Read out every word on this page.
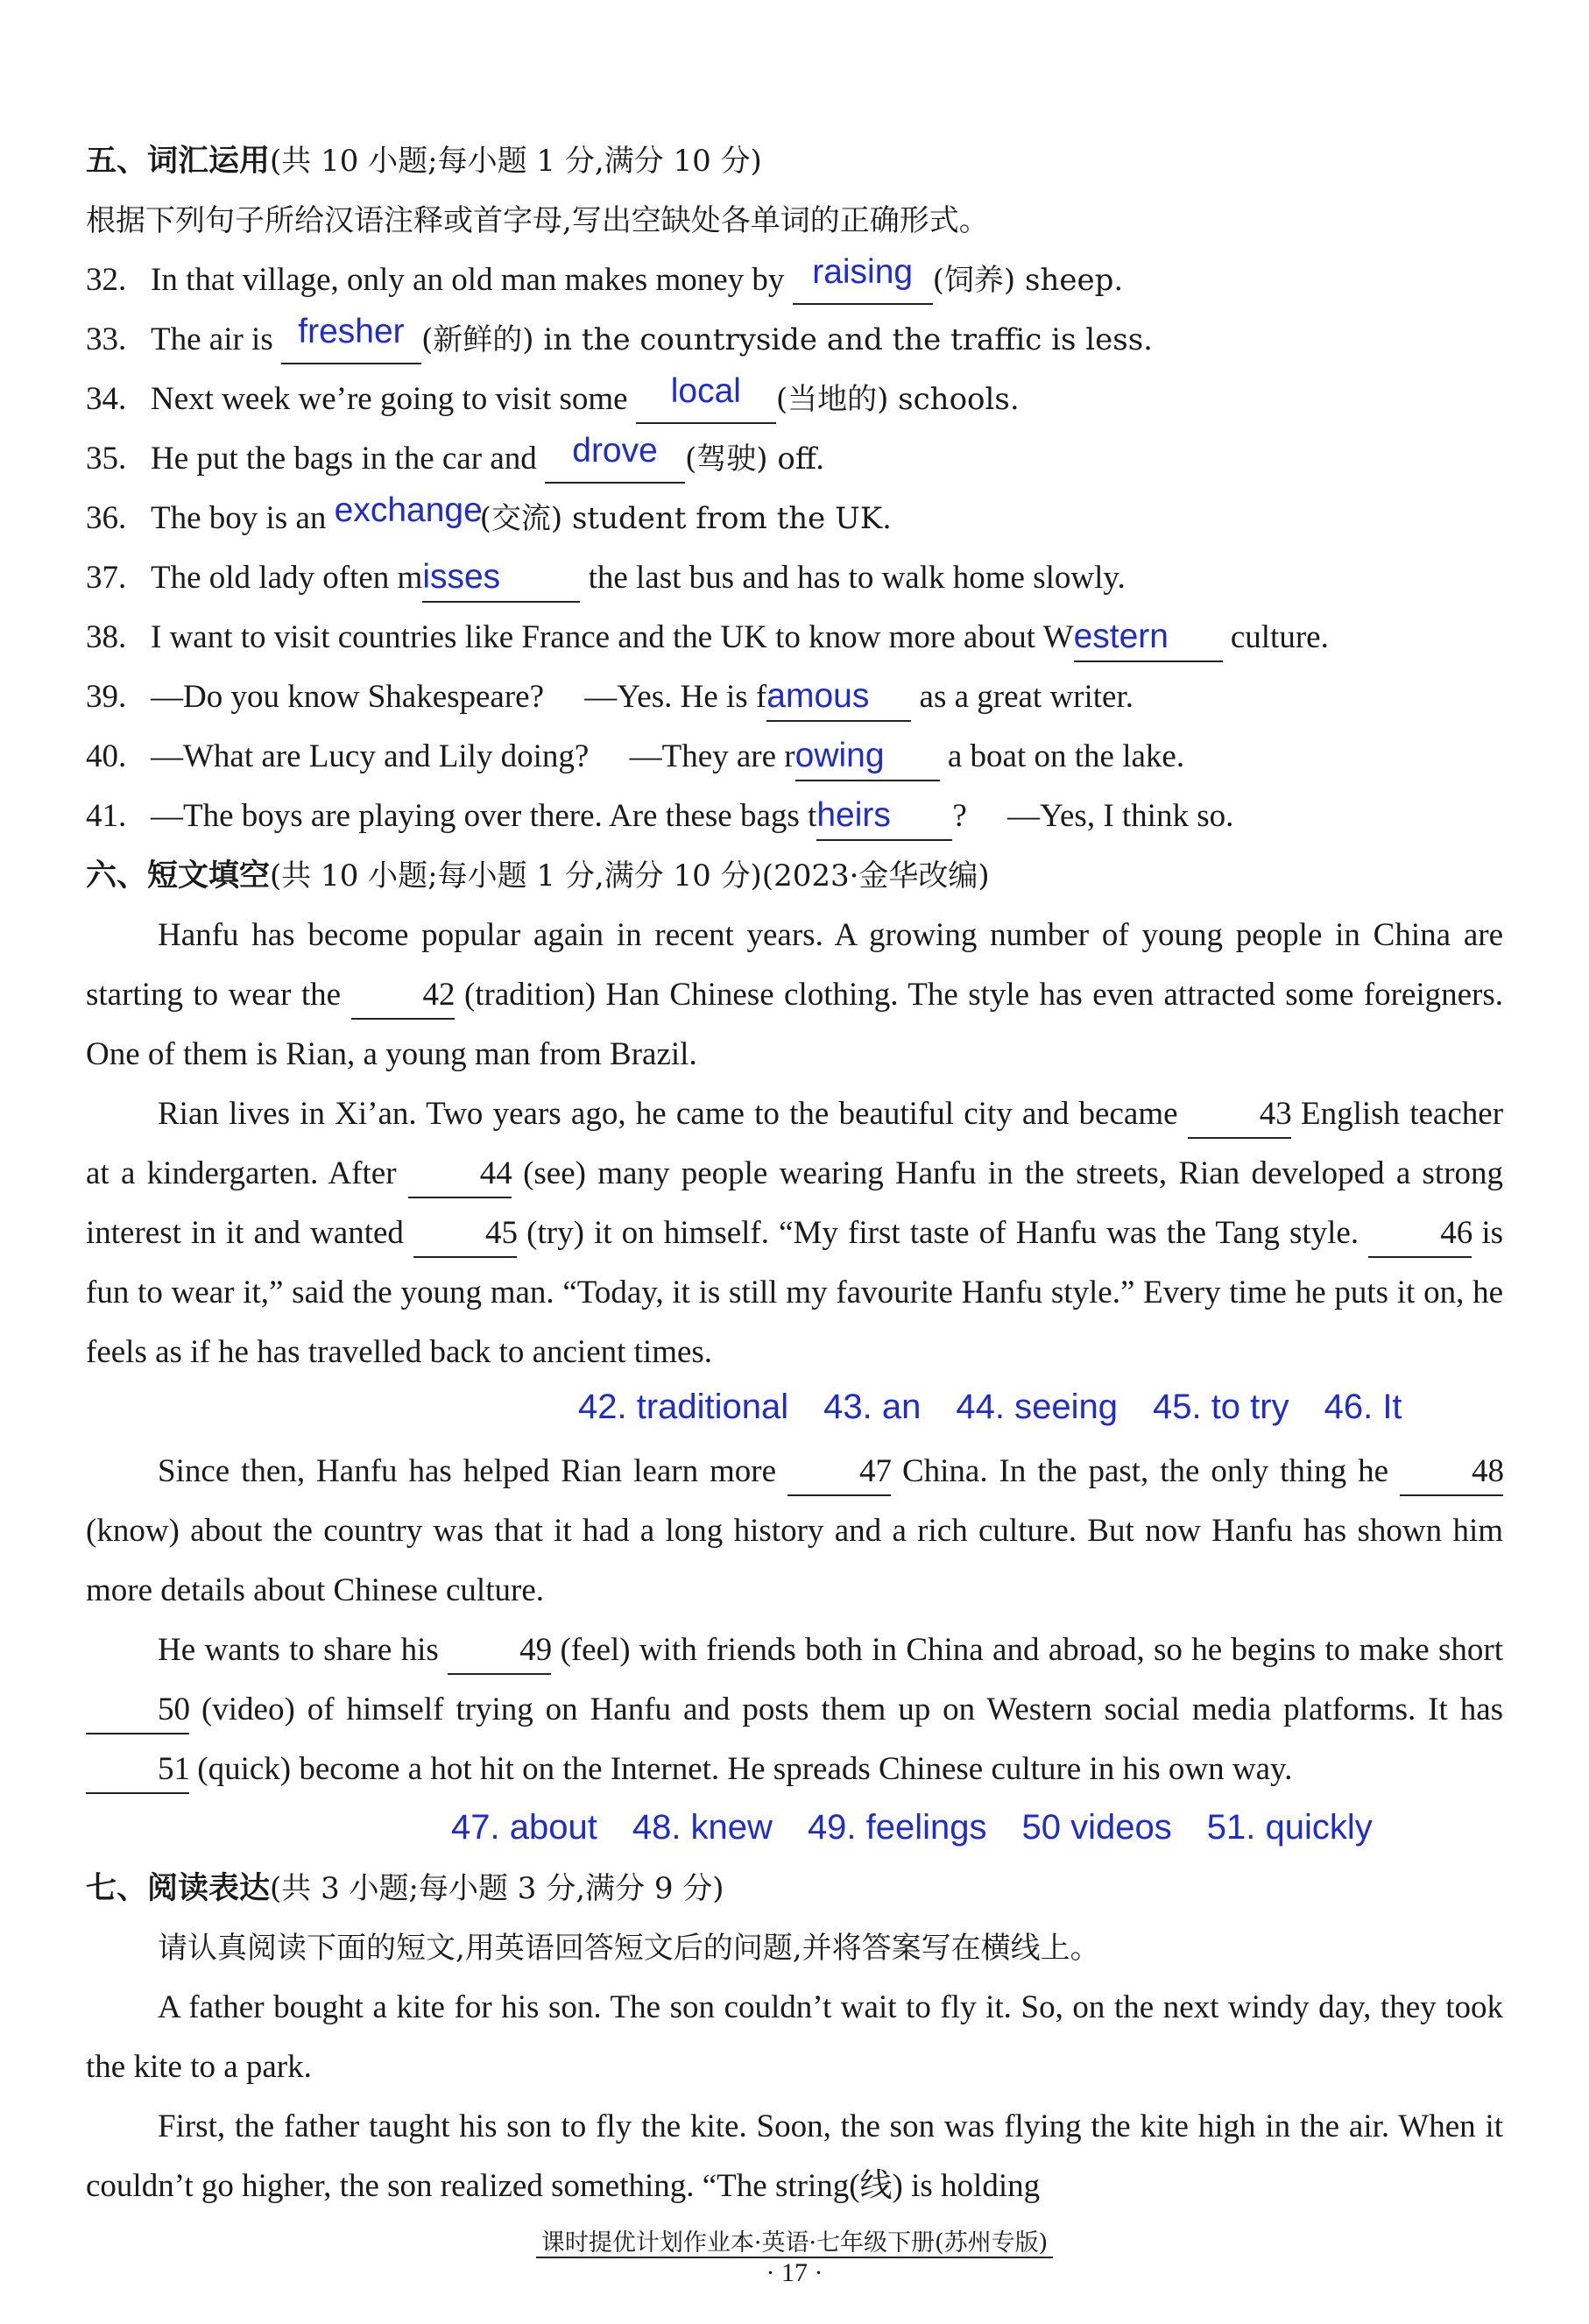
五、词汇运用(共 10 小题;每小题 1 分,满分 10 分)
根据下列句子所给汉语注释或首字母,写出空缺处各单词的正确形式。
32. In that village, only an old man makes money by raising (饲养) sheep.
33. The air is fresher (新鲜的) in the countryside and the traffic is less.
34. Next week we’re going to visit some local (当地的) schools.
35. He put the bags in the car and drove (驾驶) off.
36. The boy is an exchange(交流) student from the UK.
37. The old lady often misses	the last bus and has to walk home slowly.
38. I want to visit countries like France and the UK to know more about Western culture.
39. —Do you know Shakespeare?　 —Yes. He is famous as a great writer.
40. —What are Lucy and Lily doing?　 —They are rowing a boat on the lake.
41. —The boys are playing over there. Are these bags theirs ?　 —Yes, I think so.
六、短文填空(共 10 小题;每小题 1 分,满分 10 分)(2023·金华改编)
Hanfu has become popular again in recent years. A growing number of young people in China are starting to wear the	42 (tradition) Han Chinese clothing. The style has even attracted some foreigners. One of them is Rian, a young man from Brazil.
Rian lives in Xi’an. Two years ago, he came to the beautiful city and became	43 English teacher at a kindergarten. After	44 (see) many people wearing Hanfu in the streets, Rian developed a strong interest in it and wanted	45 (try) it on himself. “My first taste of Hanfu was the Tang style.	46 is fun to wear it,” said the young man. “Today, it is still my favourite Hanfu style.” Every time he puts it on, he feels as if he has travelled back to ancient times.
42. traditional 43. an 44. seeing 45. to try 46. It
Since then, Hanfu has helped Rian learn more	47 China. In the past, the only thing he	48 (know) about the country was that it had a long history and a rich culture. But now Hanfu has shown him more details about Chinese culture.
He wants to share his 49 (feel) with friends both in China and abroad, so he begins to make short 50 (video) of himself trying on Hanfu and posts them up on Western social media platforms. It has 51 (quick) become a hot hit on the Internet. He spreads Chinese culture in his own way.
47. about 48. knew 49. feelings 50 videos 51. quickly
七、阅读表达(共 3 小题;每小题 3 分,满分 9 分)
请认真阅读下面的短文,用英语回答短文后的问题,并将答案写在横线上。
A father bought a kite for his son. The son couldn’t wait to fly it. So, on the next windy day, they took the kite to a park.
First, the father taught his son to fly the kite. Soon, the son was flying the kite high in the air. When it couldn’t go higher, the son realized something. “The string(线) is holding
课时提优计划作业本·英语·七年级下册(苏州专版)
· 17 ·
